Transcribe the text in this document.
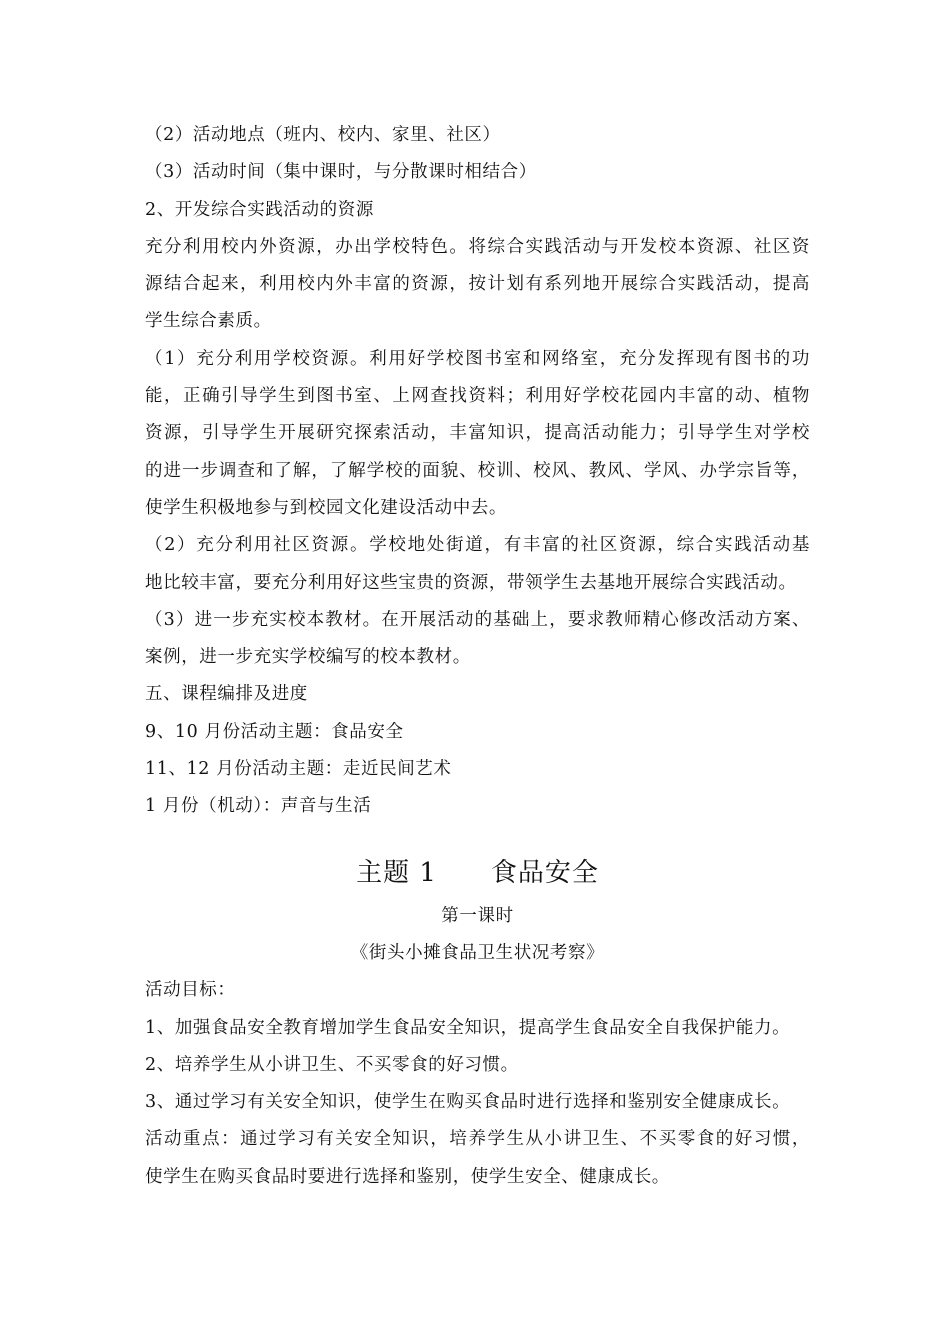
（2）活动地点（班内、校内、家里、社区）
（3）活动时间（集中课时，与分散课时相结合）
2、开发综合实践活动的资源
充分利用校内外资源，办出学校特色。将综合实践活动与开发校本资源、社区资
源结合起来，利用校内外丰富的资源，按计划有系列地开展综合实践活动，提高
学生综合素质。
（1）充分利用学校资源。利用好学校图书室和网络室，充分发挥现有图书的功
能，正确引导学生到图书室、上网查找资料；利用好学校花园内丰富的动、植物
资源，引导学生开展研究探索活动，丰富知识，提高活动能力；引导学生对学校
的进一步调查和了解，了解学校的面貌、校训、校风、教风、学风、办学宗旨等，
使学生积极地参与到校园文化建设活动中去。
（2）充分利用社区资源。学校地处街道，有丰富的社区资源，综合实践活动基
地比较丰富，要充分利用好这些宝贵的资源，带领学生去基地开展综合实践活动。
（3）进一步充实校本教材。在开展活动的基础上，要求教师精心修改活动方案、
案例，进一步充实学校编写的校本教材。
五、课程编排及进度
9、10 月份活动主题：食品安全
11、12 月份活动主题：走近民间艺术
1 月份（机动）：声音与生活
主题 1　　食品安全
第一课时
《街头小摊食品卫生状况考察》
活动目标：
1、加强食品安全教育增加学生食品安全知识，提高学生食品安全自我保护能力。
2、培养学生从小讲卫生、不买零食的好习惯。
3、通过学习有关安全知识，使学生在购买食品时进行选择和鉴别安全健康成长。
活动重点：通过学习有关安全知识，培养学生从小讲卫生、不买零食的好习惯，
使学生在购买食品时要进行选择和鉴别，使学生安全、健康成长。
